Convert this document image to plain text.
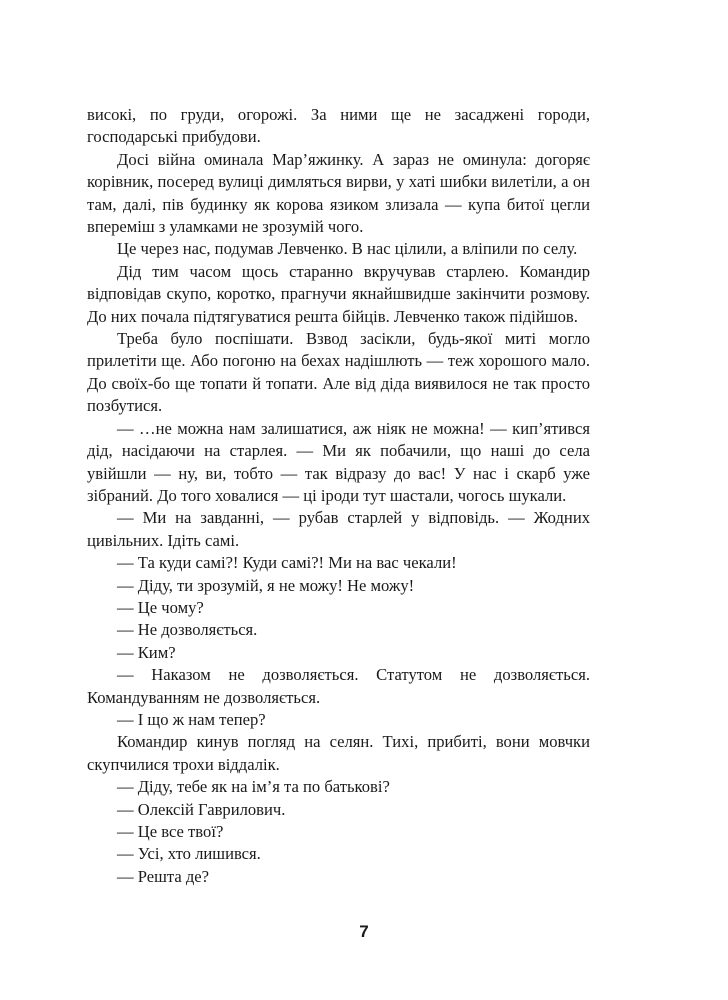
високі, по груди, огорожі. За ними ще не засаджені городи, господарські прибудови.

Досі війна оминала Мар’яжинку. А зараз не оминула: догоряє корівник, посеред вулиці димляться вирви, у хаті шибки вилетіли, а он там, далі, пів будинку як корова язиком злизала — купа битої цегли впереміш з уламками не зрозумій чого.

Це через нас, подумав Левченко. В нас цілили, а вліпили по селу.

Дід тим часом щось старанно вкручував старлею. Командир відповідав скупо, коротко, прагнучи якнайшвидше закінчити розмову. До них почала підтягуватися решта бійців. Левченко також підійшов.

Треба було поспішати. Взвод засікли, будь-якої миті могло прилетіти ще. Або погоню на бехах надішлють — теж хорошого мало. До своїх-бо ще топати й топати. Але від діда виявилося не так просто позбутися.

— …не можна нам залишатися, аж ніяк не можна! — кип’ятився дід, насідаючи на старлея. — Ми як побачили, що наші до села увійшли — ну, ви, тобто — так відразу до вас! У нас і скарб уже зібраний. До того ховалися — ці іроди тут шастали, чогось шукали.

— Ми на завданні, — рубав старлей у відповідь. — Жодних цивільних. Ідіть самі.

— Та куди самі?! Куди самі?! Ми на вас чекали!

— Діду, ти зрозумій, я не можу! Не можу!

— Це чому?

— Не дозволяється.

— Ким?

— Наказом не дозволяється. Статутом не дозволяється. Командуванням не дозволяється.

— І що ж нам тепер?

Командир кинув погляд на селян. Тихі, прибиті, вони мовчки скупчилися трохи віддалік.

— Діду, тебе як на ім’я та по батькові?

— Олексій Гаврилович.

— Це все твої?

— Усі, хто лишився.

— Решта де?

7
